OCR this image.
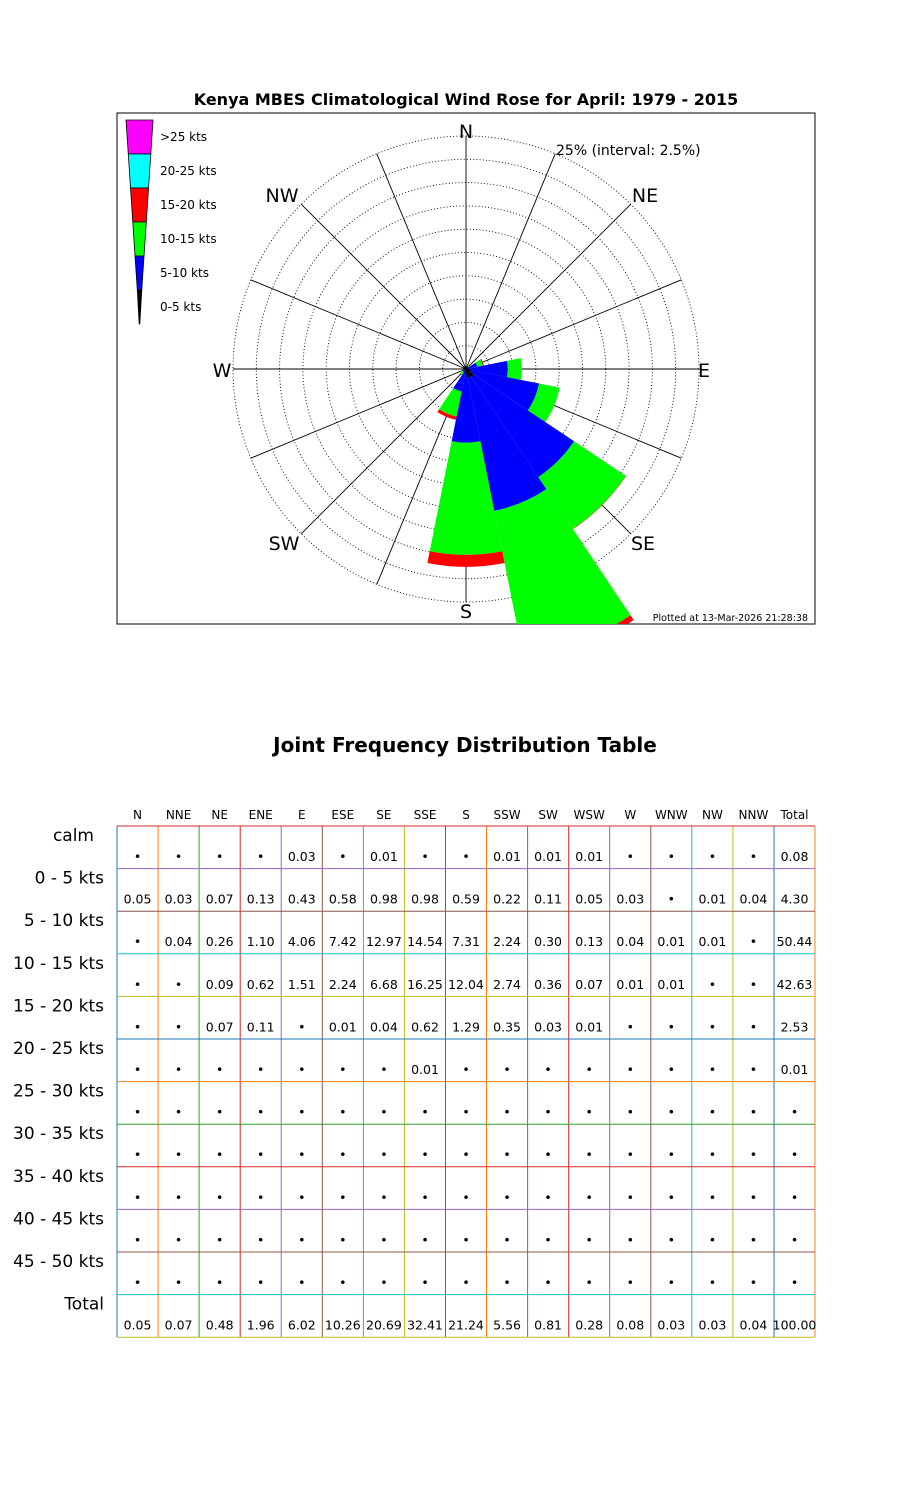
Kenya MBES Climatological Wind Rose for April: 1979 - 2015
N
NE
E
SE
S
SW
W
NW
25% (interval: 2.5%)
>25 kts
20-25 kts
15-20 kts
10-15 kts
5-10 kts
0-5 kts
Plotted at 13-Mar-2026 21:28:38
Joint Frequency Distribution Table
N NNE NE ENE E ESE SE SSE S SSW SW WSW W WNW NW NNW Total
calm
•	•	•	• 0.03 • 0.01 •	• 0.01 0.01 0.01 •	•	•	• 0.08
0 - 5 kts
0.05 0.03 0.07 0.13 0.43 0.58 0.98 0.98 0.59 0.22 0.11 0.05 0.03 • 0.01 0.04 4.30
5 - 10 kts
• 0.04 0.26 1.10 4.06 7.42 12.97 14.54 7.31 2.24 0.30 0.13 0.04 0.01 0.01 • 50.44
10 - 15 kts
•	• 0.09 0.62 1.51 2.24 6.68 16.25 12.04 2.74 0.36 0.07 0.01 0.01 •	• 42.63
15 - 20 kts
•	• 0.07 0.11 • 0.01 0.04 0.62 1.29 0.35 0.03 0.01 •	•	•	• 2.53
20 - 25 kts
•	•	•	•	•	•	• 0.01 •	•	•	•	•	•	•	• 0.01
25 - 30 kts
•	•	•	•	•	•	•	•	•	•	•	•	•	•	•	•	•
30 - 35 kts
•	•	•	•	•	•	•	•	•	•	•	•	•	•	•	•	•
35 - 40 kts
•	•	•	•	•	•	•	•	•	•	•	•	•	•	•	•	•
40 - 45 kts
•	•	•	•	•	•	•	•	•	•	•	•	•	•	•	•	•
45 - 50 kts
•	•	•	•	•	•	•	•	•	•	•	•	•	•	•	•	•
Total
0.05 0.07 0.48 1.96 6.02 10.26 20.69 32.41 21.24 5.56 0.81 0.28 0.08 0.03 0.03 0.04 100.00
